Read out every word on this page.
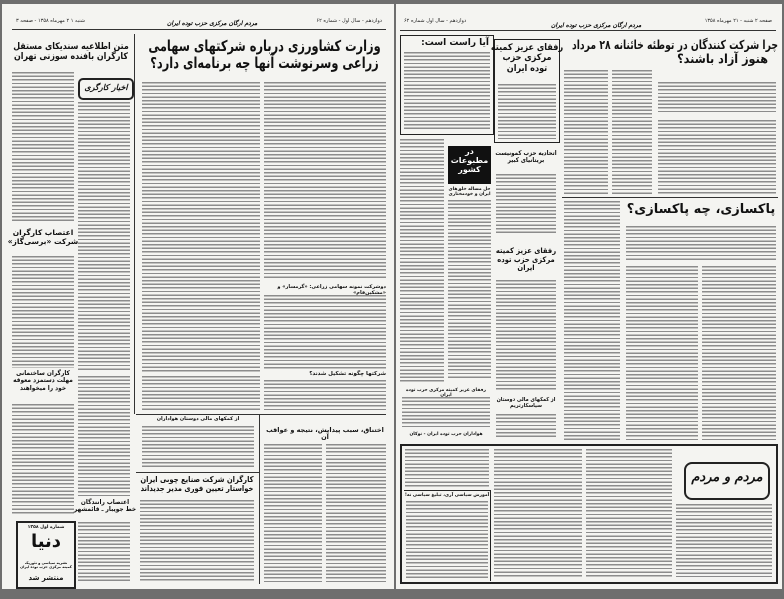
شنبه ۱ ۲ مهرماه ۱۳۵۸ - صفحه ۳	مردم ارگان مرکزی حزب توده ایران	دوازدهم - سال اول - شماره ۶۲
وزارت کشاورزی درباره شرکتهای سهامی
زراعی وسرنوشت آنها چه برنامه‌ای دارد؟
دوشرکت نمونه سهامی زراعی: «گرمسار» و «مشکین‌فام»
شرکتها چگونه تشکیل شدند؟
متن اطلاعیه سندیکای مستقل
کارگران بافنده سوزنی تهران
اخبار کارگری
اعتصاب کارگران
شرکت «برسی‌گاز»
کارگران ساختمانی
مهلت دستمزد معوقه
خود را میخواهند
اعتصاب رانندگان
خط جویبار ـ قائمشهر
شماره اول ۱۳۵۸
دنیا
نشریه سیاسی و تئوریک کمیته مرکزی حزب توده ایران
منتشر شد
از کمکهای مالی دوستان هواداران
کارگران شرکت صنایع چوبی ایران
خواستار تعیین فوری مدیر جدیداند
اختناق، سبب پیدایش، نتیجه و عواقب آن
دوازدهم - سال اول شماره ۶۲
مردم ارگان مرکزی حزب توده ایران
صفحه ۲ شنبه - ۲۱ مهرماه ۱۳۵۸
آیا راست است:
در
مطبوعات
کشور
حل مساله خلق‌های ایران و خودمختاری
رفقای عزیز کمیته
مرکزی حزب
توده ایران
اتحادیه حزب کمونیست
بریتانیای کبیر
رفقای عزیز کمیته
مرکزی حزب توده
ایران
از کمکهای مالی دوستان
سیاسکارتریم
رفقای عزیز کمیته مرکزی حزب توده ایران
هواداران حزب توده ایران - نوکان
چرا شرکت کنندگان در توطئه خائنانه ۲۸ مرداد
هنوز آزاد باشند؟
پاکسازی، چه پاکسازی؟
آموزش سیاسی آری، تبلیغ سیاسی نه!
مردم و مردم
